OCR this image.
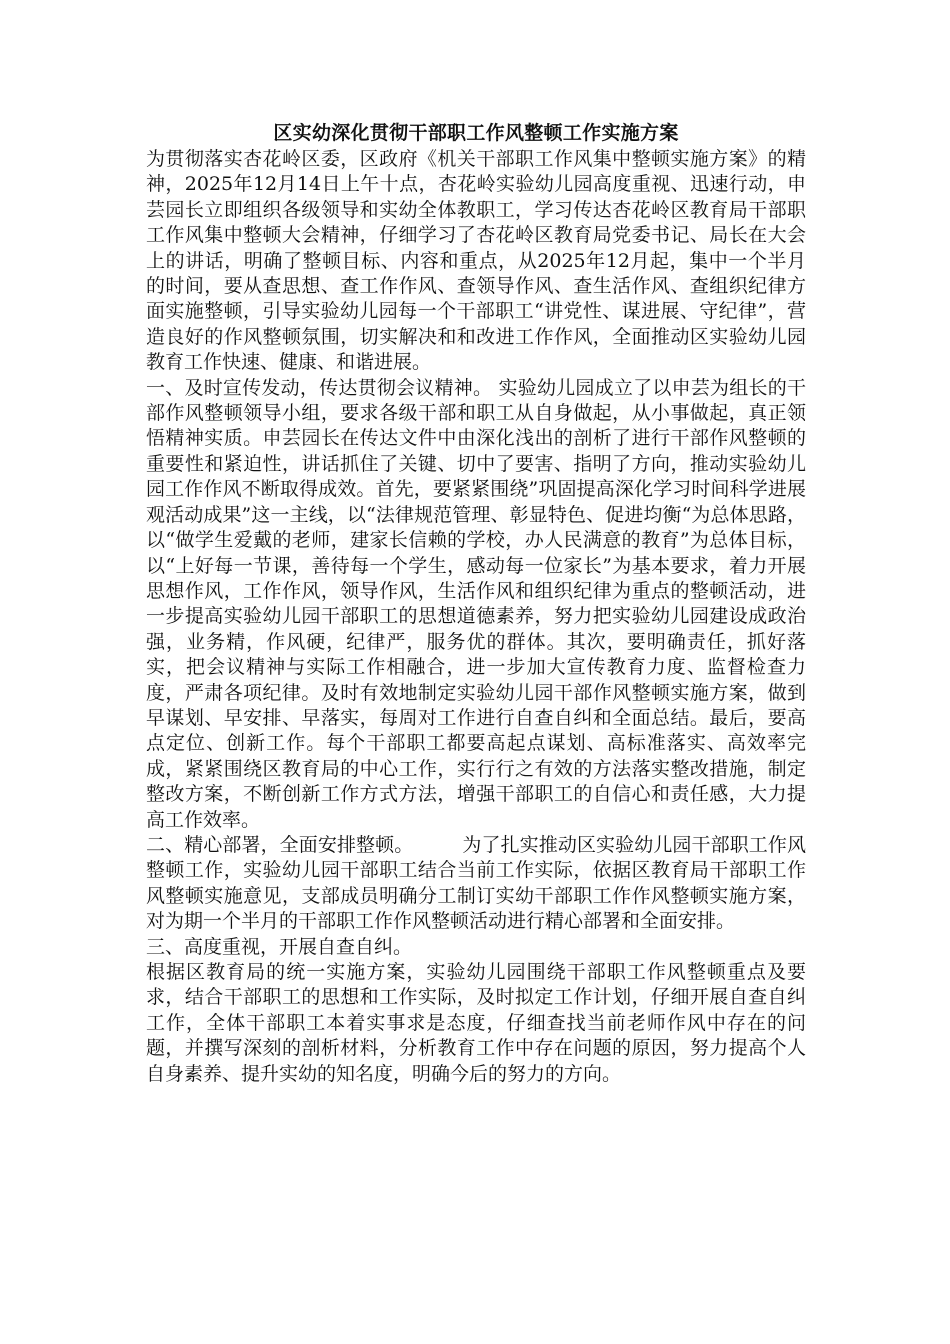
区实幼深化贯彻干部职工作风整顿工作实施方案

为贯彻落实杏花岭区委，区政府《机关干部职工作风集中整顿实施方案》的精神，2025年12月14日上午十点，杏花岭实验幼儿园高度重视、迅速行动，申芸园长立即组织各级领导和实幼全体教职工，学习传达杏花岭区教育局干部职工作风集中整顿大会精神，仔细学习了杏花岭区教育局党委书记、局长在大会上的讲话，明确了整顿目标、内容和重点，从2025年12月起，集中一个半月的时间，要从查思想、查工作作风、查领导作风、查生活作风、查组织纪律方面实施整顿，引导实验幼儿园每一个干部职工“讲党性、谋进展、守纪律”，营造良好的作风整顿氛围，切实解决和和改进工作作风，全面推动区实验幼儿园教育工作快速、健康、和谐进展。

一、及时宣传发动，传达贯彻会议精神。 实验幼儿园成立了以申芸为组长的干部作风整顿领导小组，要求各级干部和职工从自身做起，从小事做起，真正领悟精神实质。申芸园长在传达文件中由深化浅出的剖析了进行干部作风整顿的重要性和紧迫性，讲话抓住了关键、切中了要害、指明了方向，推动实验幼儿园工作作风不断取得成效。首先，要紧紧围绕”巩固提高深化学习时间科学进展观活动成果”这一主线，以“法律规范管理、彰显特色、促进均衡“为总体思路，以“做学生爱戴的老师，建家长信赖的学校，办人民满意的教育”为总体目标，以“上好每一节课，善待每一个学生，感动每一位家长”为基本要求，着力开展思想作风，工作作风，领导作风，生活作风和组织纪律为重点的整顿活动，进一步提高实验幼儿园干部职工的思想道德素养，努力把实验幼儿园建设成政治强，业务精，作风硬，纪律严，服务优的群体。其次，要明确责任，抓好落实，把会议精神与实际工作相融合，进一步加大宣传教育力度、监督检查力度，严肃各项纪律。及时有效地制定实验幼儿园干部作风整顿实施方案，做到早谋划、早安排、早落实，每周对工作进行自查自纠和全面总结。最后，要高点定位、创新工作。每个干部职工都要高起点谋划、高标准落实、高效率完成，紧紧围绕区教育局的中心工作，实行行之有效的方法落实整改措施，制定整改方案，不断创新工作方式方法，增强干部职工的自信心和责任感，大力提高工作效率。

二、精心部署，全面安排整顿。        为了扎实推动区实验幼儿园干部职工作风整顿工作，实验幼儿园干部职工结合当前工作实际，依据区教育局干部职工作风整顿实施意见，支部成员明确分工制订实幼干部职工作作风整顿实施方案，对为期一个半月的干部职工作作风整顿活动进行精心部署和全面安排。

三、高度重视，开展自查自纠。

根据区教育局的统一实施方案，实验幼儿园围绕干部职工作风整顿重点及要求，结合干部职工的思想和工作实际，及时拟定工作计划，仔细开展自查自纠工作，全体干部职工本着实事求是态度，仔细查找当前老师作风中存在的问题，并撰写深刻的剖析材料，分析教育工作中存在问题的原因，努力提高个人自身素养、提升实幼的知名度，明确今后的努力的方向。
